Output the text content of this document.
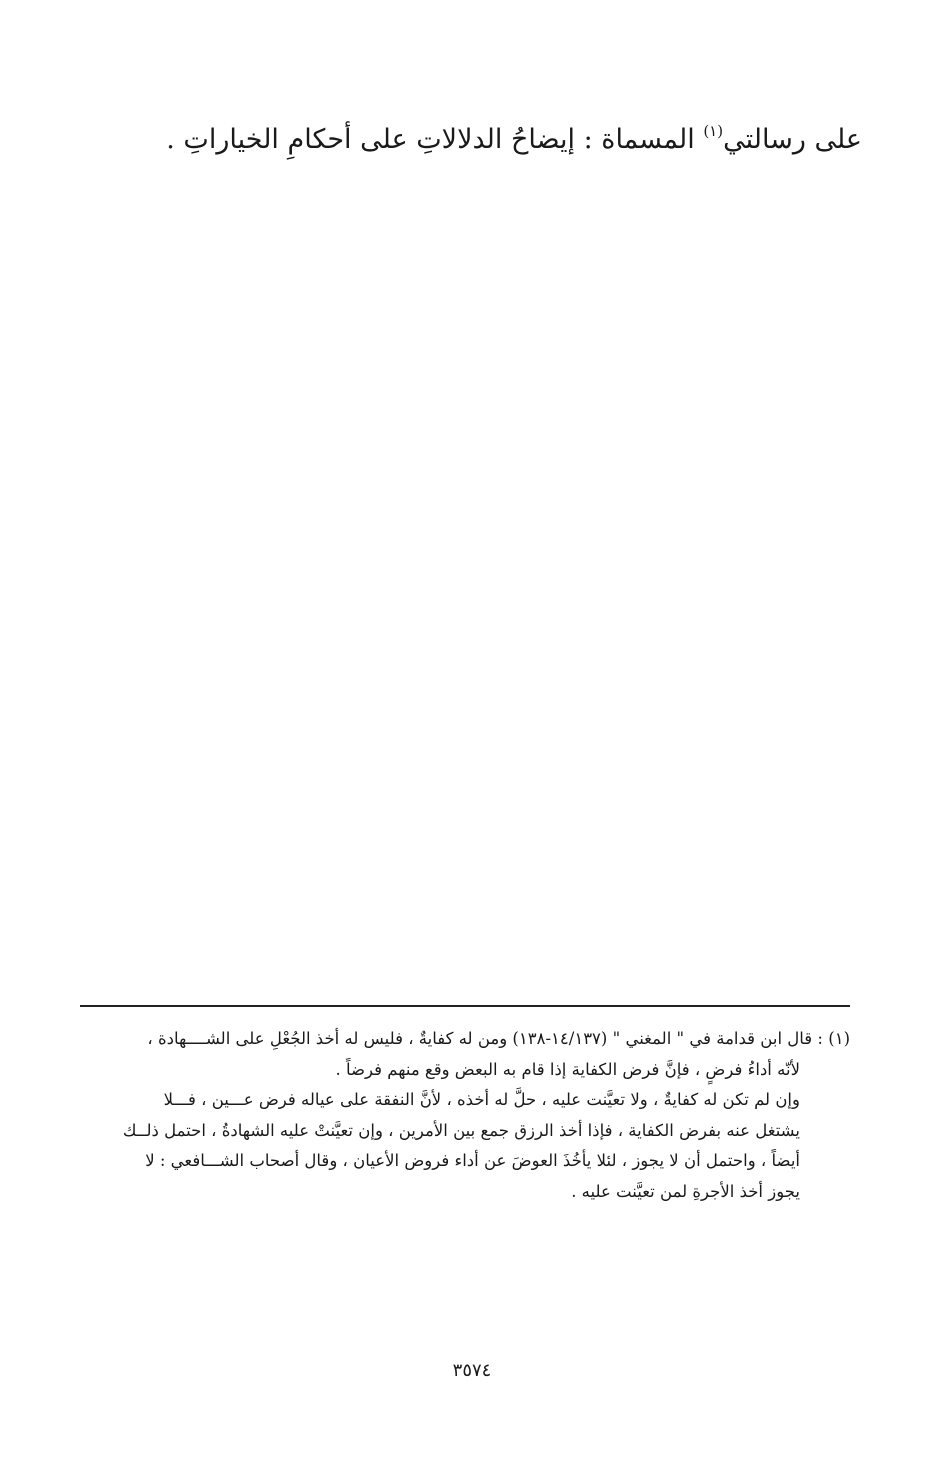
على رسالتي$^{(١)}$ المسماة : إيضاحُ الدلالاتِ على أحكامِ الخياراتِ .
(١) : قال ابن قدامة في " المغني " (١٤/١٣٧-١٣٨) ومن له كفايةٌ ، فليس له أخذ الجُعْلِ على الشــــهادة ،
لأنّه أداءُ فرضٍ ، فإنَّ فرض الكفاية إذا قام به البعض وقع منهم فرضاً .
وإن لم تكن له كفايةٌ ، ولا تعيَّنت عليه ، حلَّ له أخذه ، لأنَّ النفقة على عياله فرض عـــين ، فـــلا
يشتغل عنه بفرض الكفاية ، فإذا أخذ الرزق جمع بين الأمرين ، وإن تعيَّنتْ عليه الشهادةُ ، احتمل ذلــك
أيضاً ، واحتمل أن لا يجوز ، لئلا يأخُذَ العوضَ عن أداء فروض الأعيان ، وقال أصحاب الشـــافعي : لا
يجوز أخذ الأجرةِ لمن تعيَّنت عليه .
٣٥٧٤
